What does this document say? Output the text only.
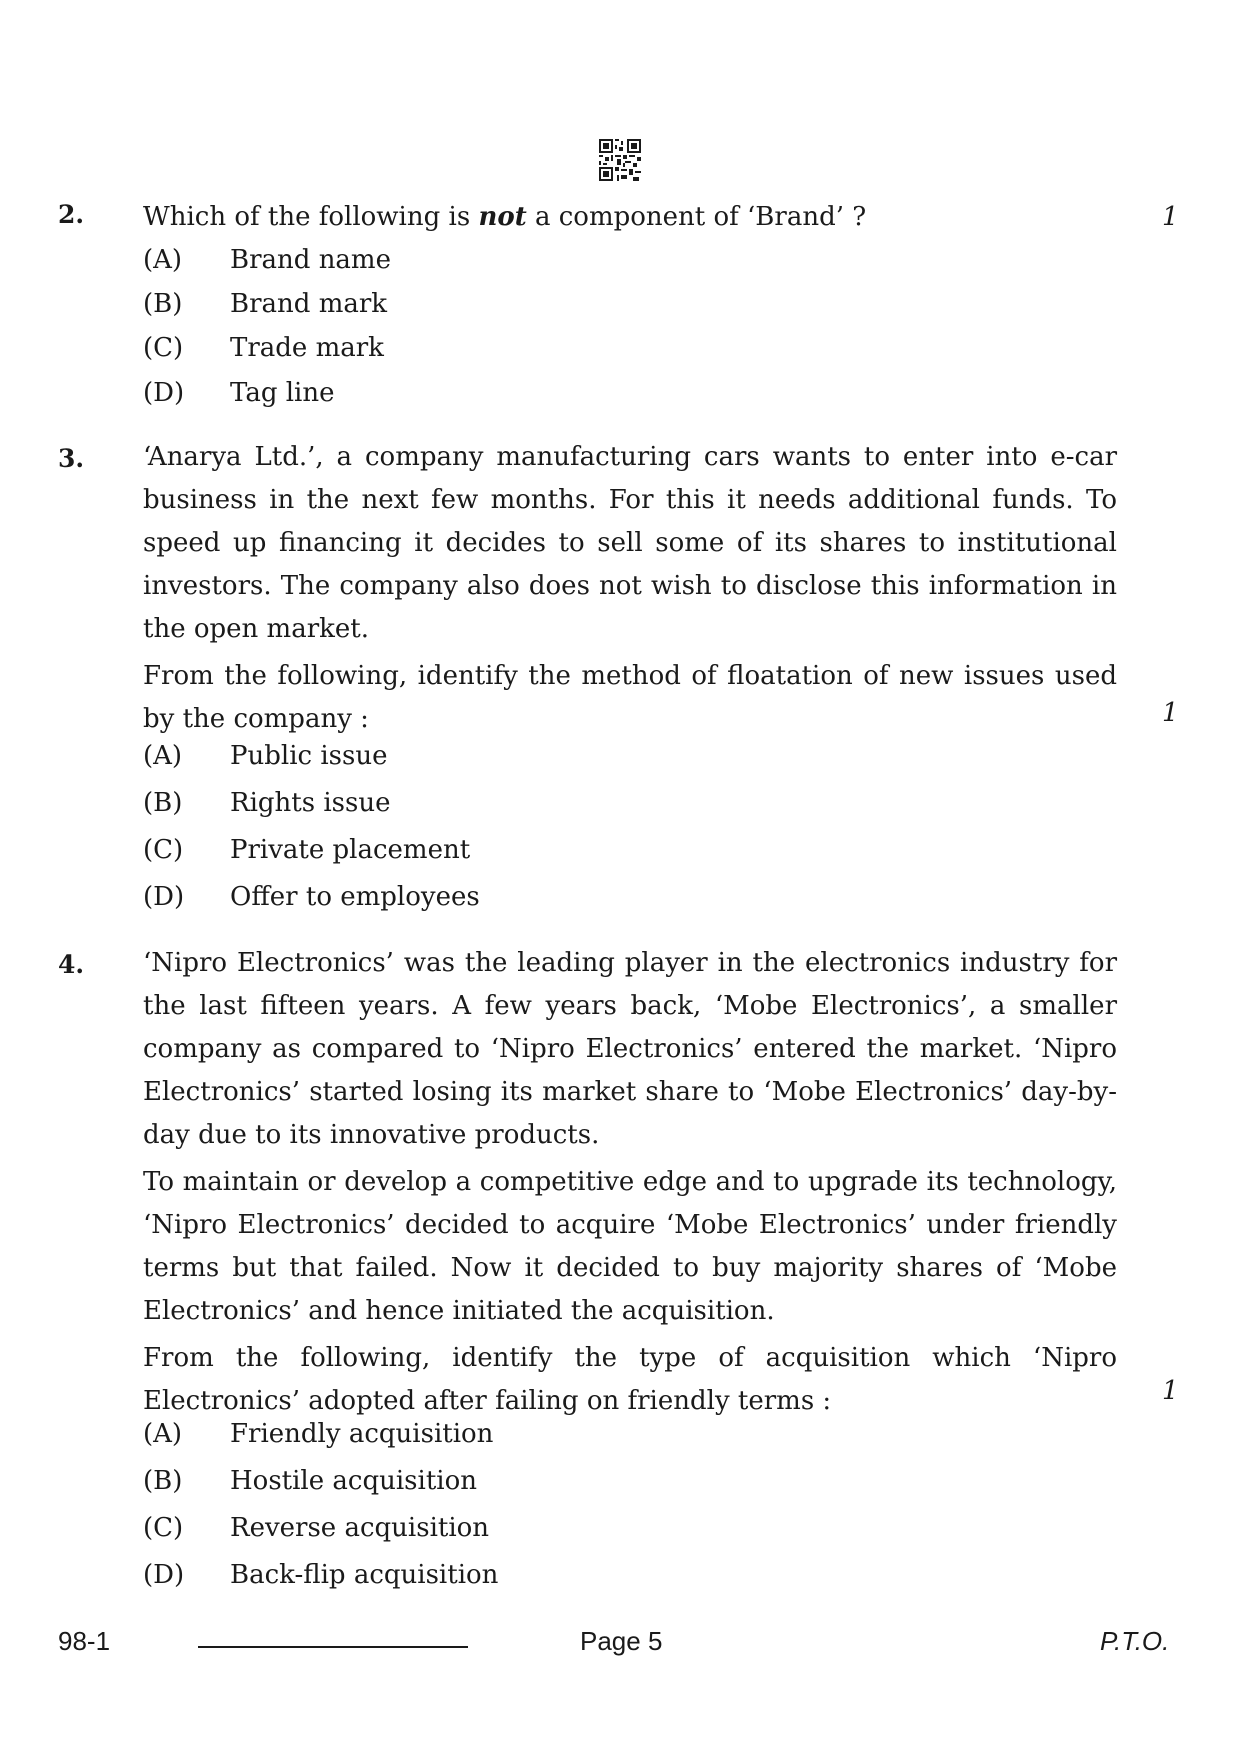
2. Which of the following is not a component of ‘Brand’ ?	1
(A) Brand name
(B) Brand mark
(C) Trade mark
(D) Tag line
3. ‘Anarya Ltd.’, a company manufacturing cars wants to enter into e-car business in the next few months. For this it needs additional funds. To speed up financing it decides to sell some of its shares to institutional investors. The company also does not wish to disclose this information in the open market.

From the following, identify the method of floatation of new issues used by the company :	1
(A) Public issue
(B) Rights issue
(C) Private placement
(D) Offer to employees
4. ‘Nipro Electronics’ was the leading player in the electronics industry for the last fifteen years. A few years back, ‘Mobe Electronics’, a smaller company as compared to ‘Nipro Electronics’ entered the market. ‘Nipro Electronics’ started losing its market share to ‘Mobe Electronics’ day-by-day due to its innovative products.

To maintain or develop a competitive edge and to upgrade its technology, ‘Nipro Electronics’ decided to acquire ‘Mobe Electronics’ under friendly terms but that failed. Now it decided to buy majority shares of ‘Mobe Electronics’ and hence initiated the acquisition.

From the following, identify the type of acquisition which ‘Nipro Electronics’ adopted after failing on friendly terms :	1
(A) Friendly acquisition
(B) Hostile acquisition
(C) Reverse acquisition
(D) Back-flip acquisition
98-1	Page 5	P.T.O.
